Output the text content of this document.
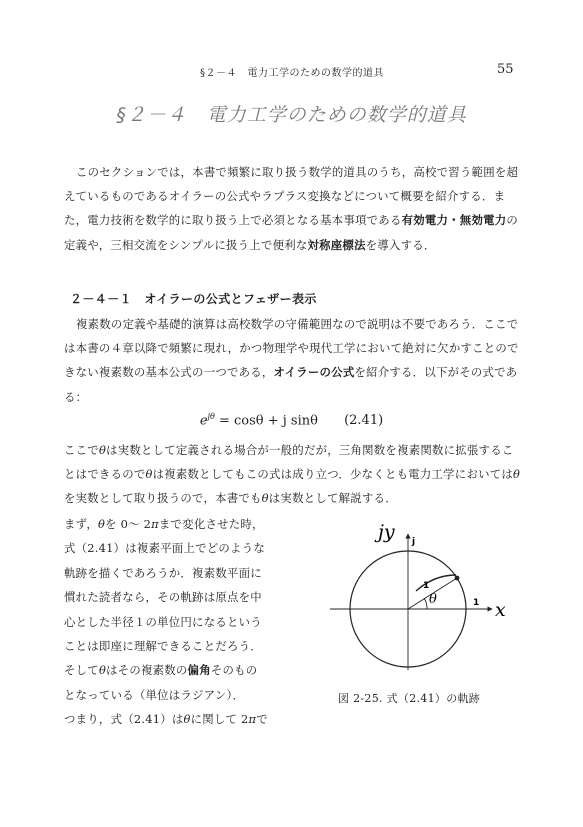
§２－４　電力工学のための数学的道具	55
§２－４　電力工学のための数学的道具

このセクションでは，本書で頻繁に取り扱う数学的道具のうち，高校で習う範囲を超えているものであるオイラーの公式やラプラス変換などについて概要を紹介する．また，電力技術を数学的に取り扱う上で必須となる基本事項である有効電力・無効電力の定義や，三相交流をシンプルに扱う上で便利な対称座標法を導入する．

２－４－１　オイラーの公式とフェザー表示

複素数の定義や基礎的演算は高校数学の守備範囲なので説明は不要であろう．ここでは本書の４章以降で頻繁に現れ，かつ物理学や現代工学において絶対に欠かすことのできない複素数の基本公式の一つである，オイラーの公式を紹介する．以下がその式である：

$e^{j\theta} = \cos\theta + j$ sinθ (2.41)

ここでθは実数として定義される場合が一般的だが，三角関数を複素関数に拡張することはできるのでθは複素数としてもこの式は成り立つ．少なくとも電力工学においてはθを実数として取り扱うので，本書でもθは実数として解説する．

まず，θを 0～ 2πまで変化させた時，

式（2.41）は複素平面上でどのような

軌跡を描くであろうか．複素数平面に

慣れた読者なら，その軌跡は原点を中

心とした半径１の単位円になるという

ことは即座に理解できることだろう．

そしてθはその複素数の偏角そのもの

となっている（単位はラジアン）．

つまり，式（2.41）はθに関して 2πで

jy j
x
1
1
θ
図 2-25. 式（2.41）の軌跡
